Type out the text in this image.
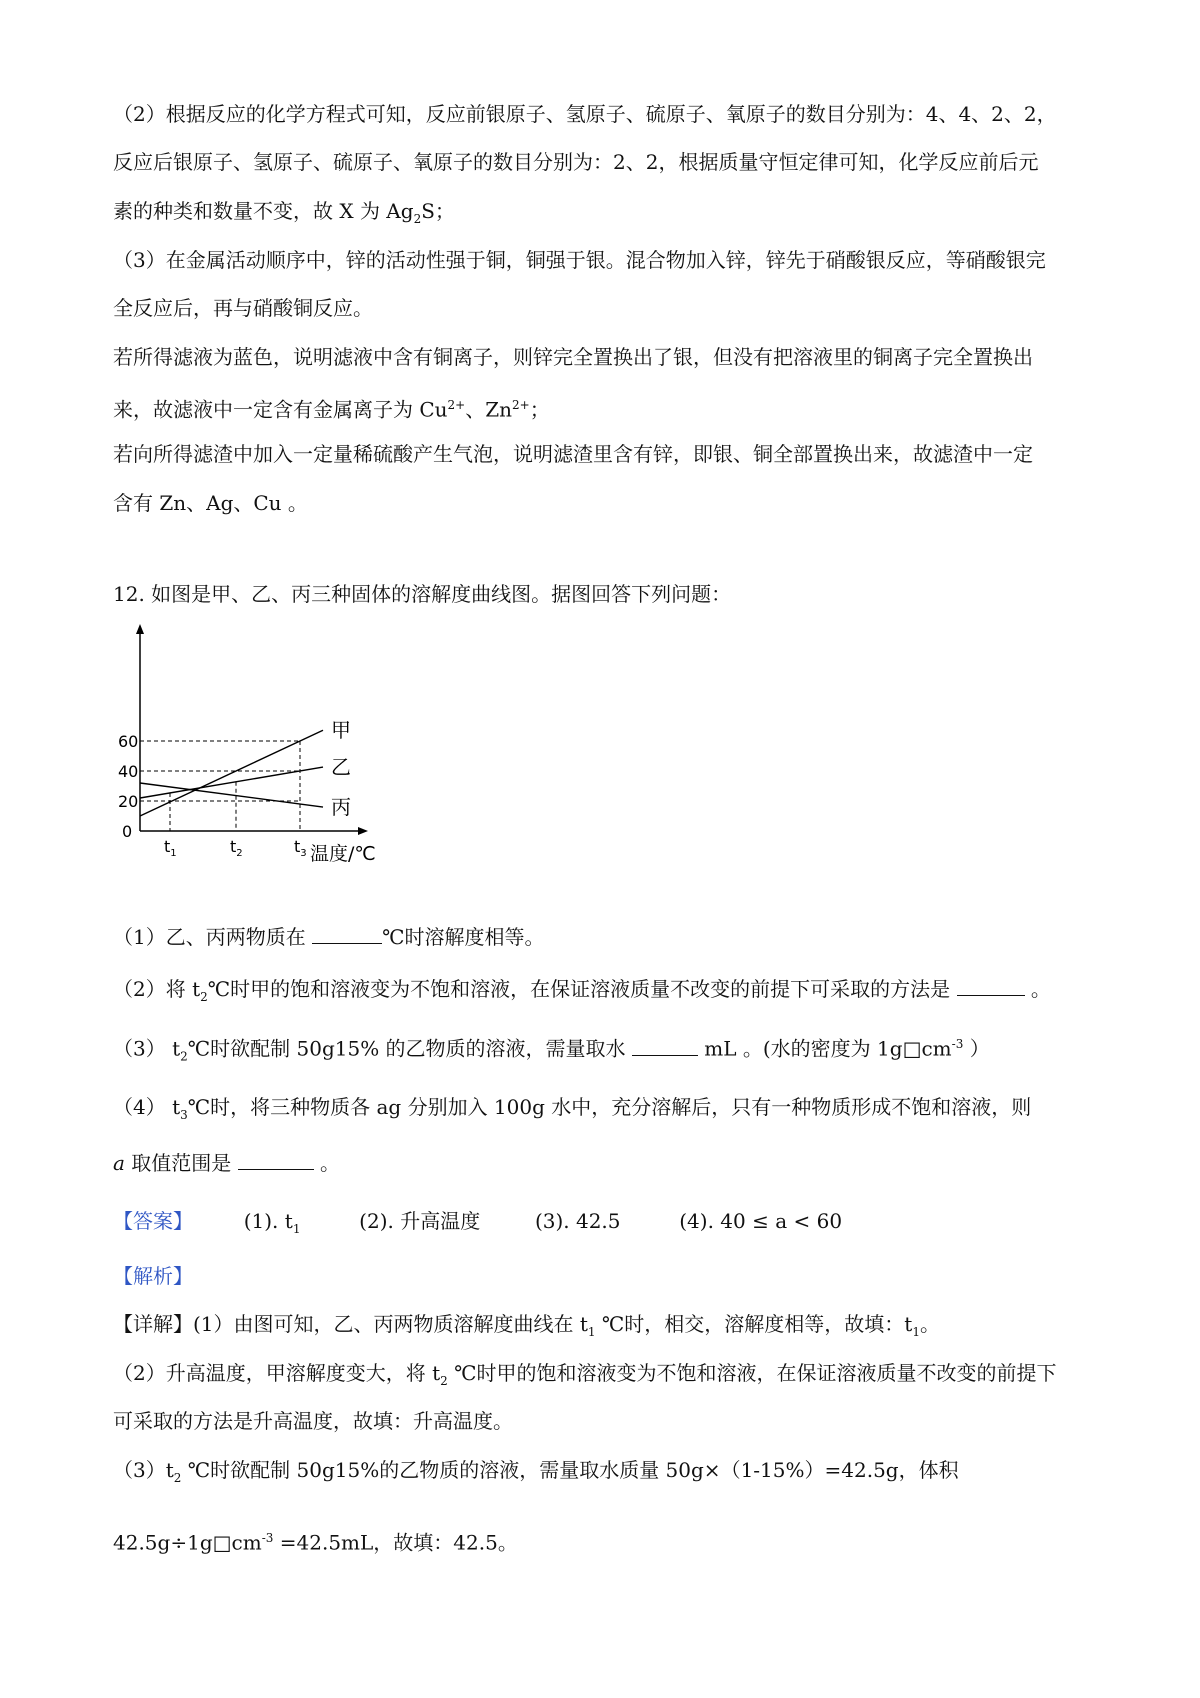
（2）根据反应的化学方程式可知，反应前银原子、氢原子、硫原子、氧原子的数目分别为：4、4、2、2，
反应后银原子、氢原子、硫原子、氧原子的数目分别为：2、2，根据质量守恒定律可知，化学反应前后元
素的种类和数量不变，故 X 为 $Ag_2S$；
（3）在金属活动顺序中，锌的活动性强于铜，铜强于银。混合物加入锌，锌先于硝酸银反应，等硝酸银完
全反应后，再与硝酸铜反应。
若所得滤液为蓝色，说明滤液中含有铜离子，则锌完全置换出了银，但没有把溶液里的铜离子完全置换出
来，故滤液中一定含有金属离子为 $Cu^{2+}$、$Zn^{2+}$；
若向所得滤渣中加入一定量稀硫酸产生气泡，说明滤渣里含有锌，即银、铜全部置换出来，故滤渣中一定
含有 Zn、Ag、Cu 。
12. 如图是甲、乙、丙三种固体的溶解度曲线图。据图回答下列问题：
甲
乙
丙
20
40
60
0
$t_1$	$t_2$	$t_3$ 温度/℃
（1）乙、丙两物质在	℃时溶解度相等。
（2）将 $t_2℃$时甲的饱和溶液变为不饱和溶液，在保证溶液质量不改变的前提下可采取的方法是	。
（3） $t_2℃$时欲配制 50g15% 的乙物质的溶液，需量取水	mL 。(水的密度为 $1g□cm^{-3}$ ）
（4） $t_3℃$时，将三种物质各 ag 分别加入 100g 水中，充分溶解后，只有一种物质形成不饱和溶液，则
a 取值范围是	。
【答案】	(1). $t_1$	(2). 升高温度	(3). 42.5	(4). 40 ≤ a < 60
【解析】
【详解】(1）由图可知，乙、丙两物质溶解度曲线在 $t_1$ ℃时，相交，溶解度相等，故填：$t_1$。
（2）升高温度，甲溶解度变大，将 $t_2$ ℃时甲的饱和溶液变为不饱和溶液，在保证溶液质量不改变的前提下
可采取的方法是升高温度，故填：升高温度。
$(3)t_2$ ℃时欲配制 50g15%的乙物质的溶液，需量取水质量 50g×（1-15%）=42.5g，体积
$42.5g\div 1g□cm^{-3} =42.5mL$，故填：42.5。
